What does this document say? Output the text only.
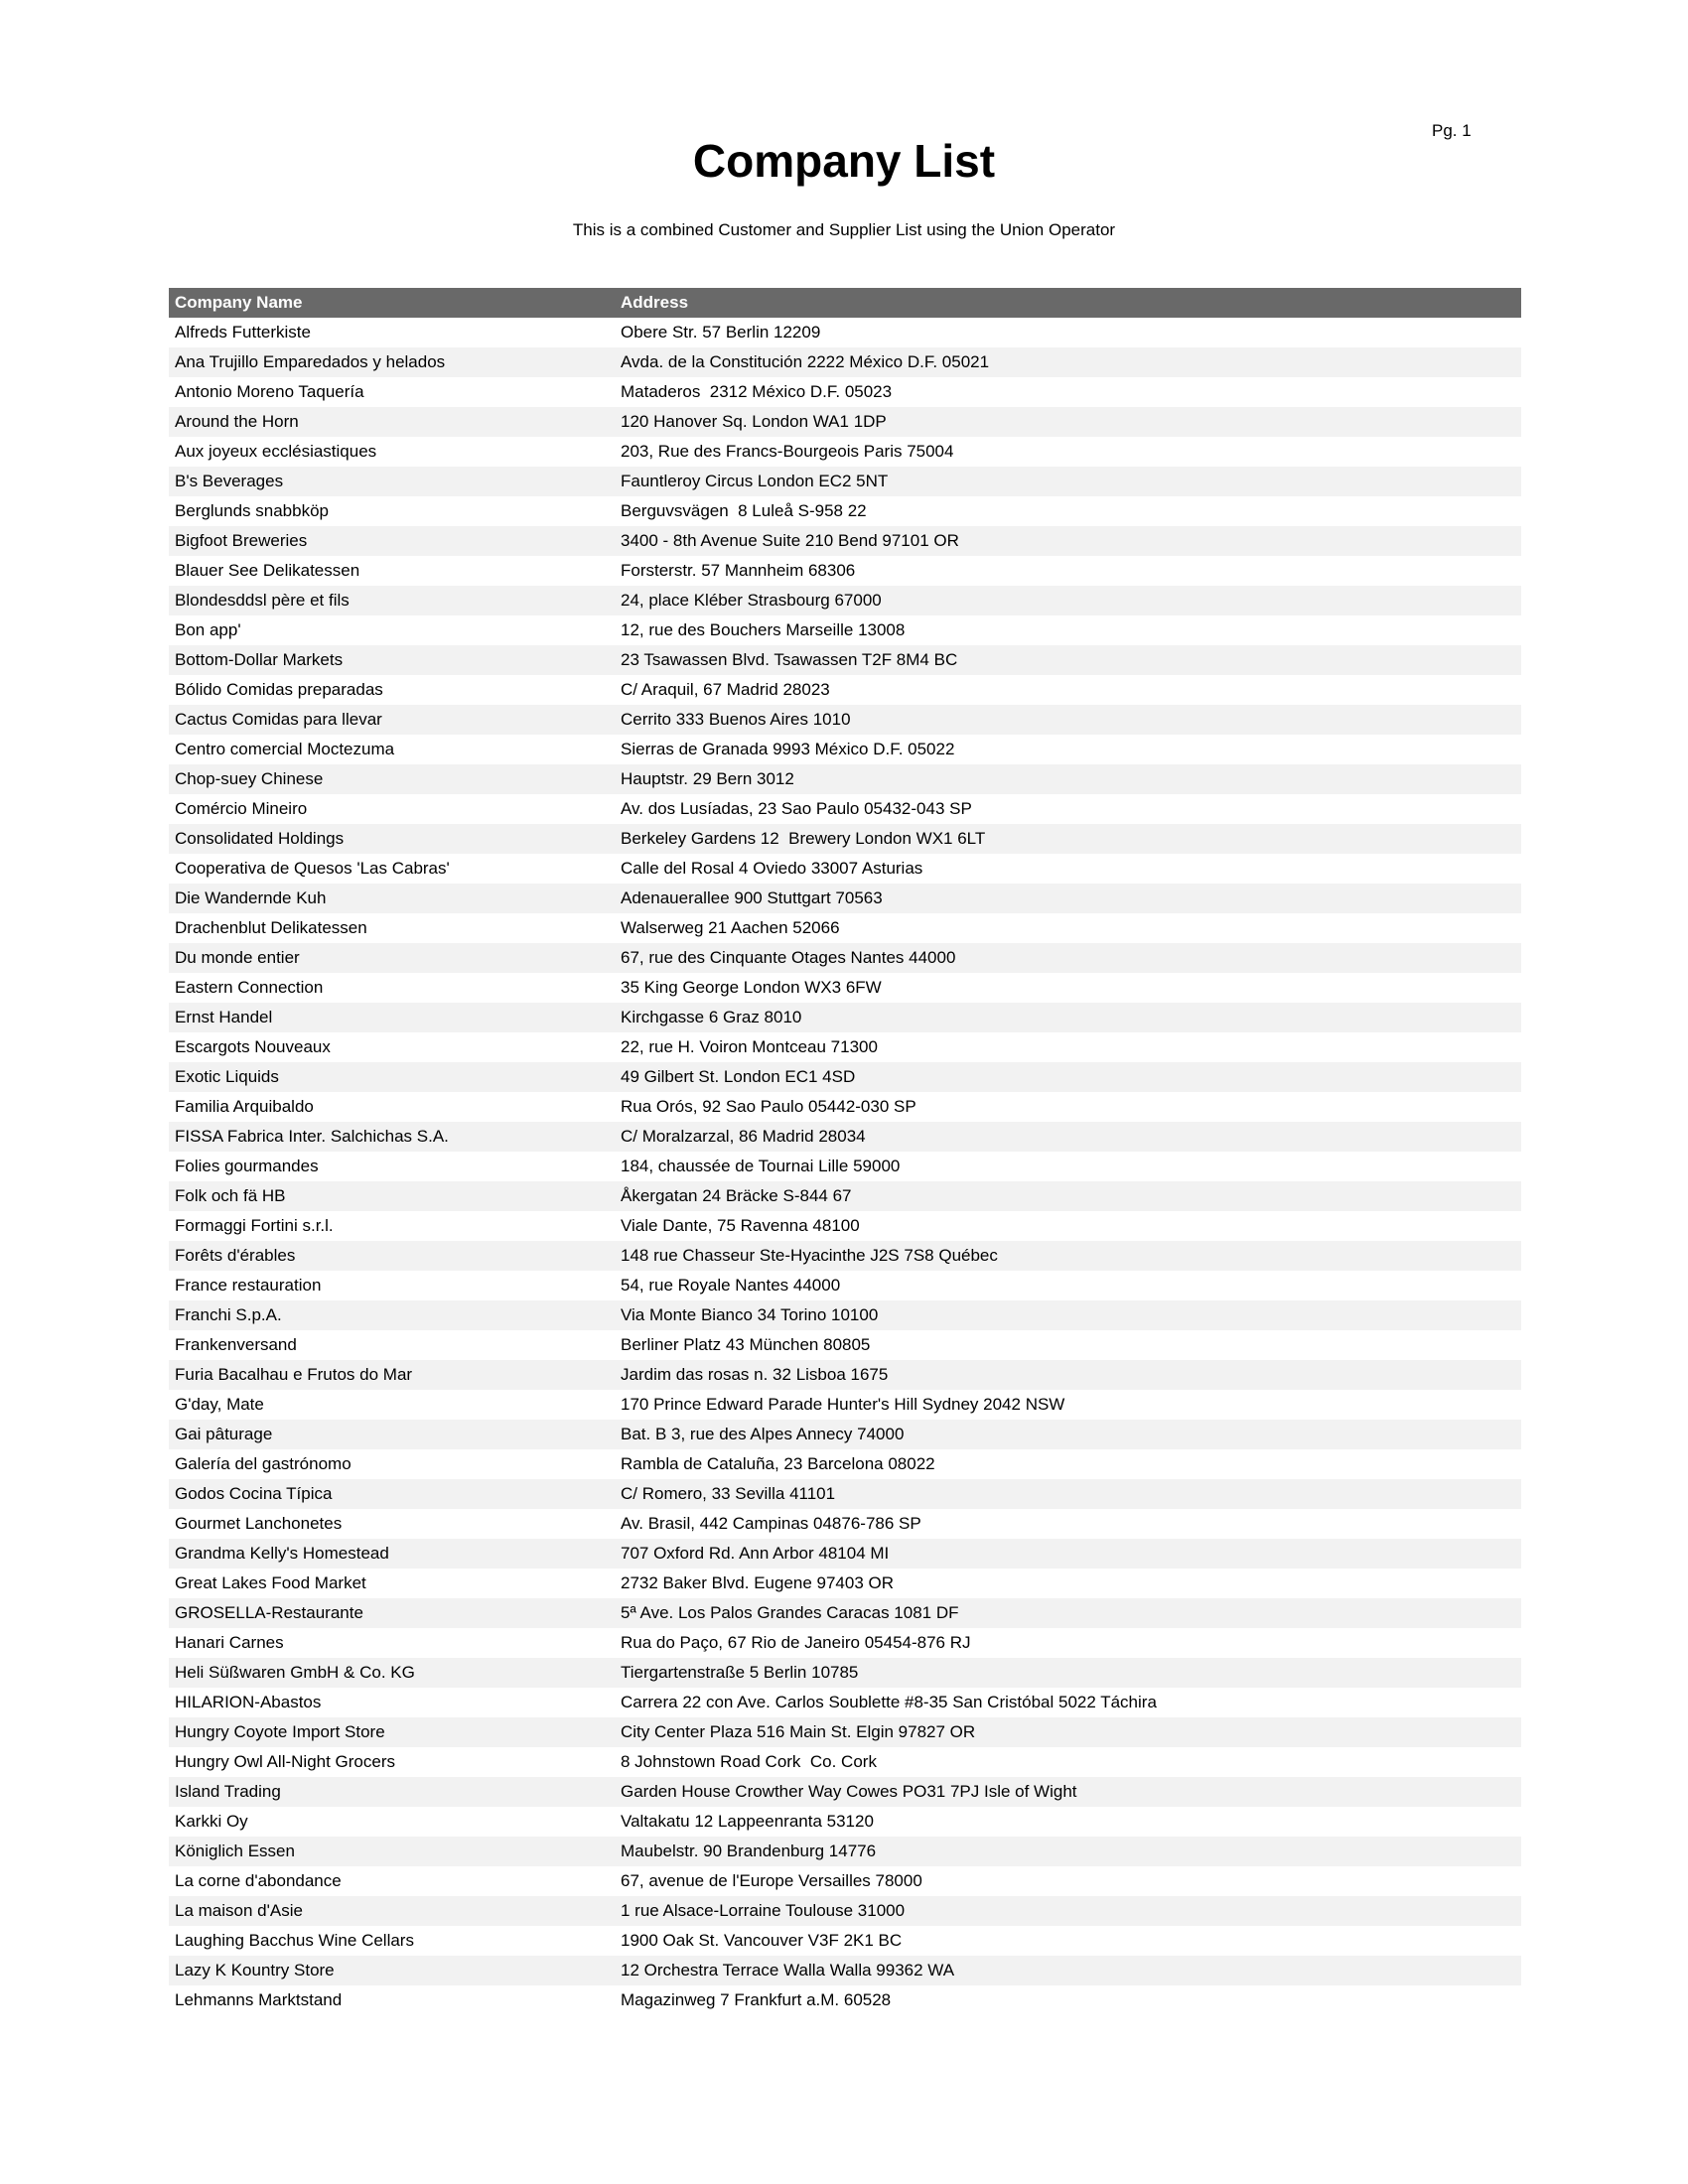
Pg. 1
Company List
This is a combined Customer and Supplier List using the Union Operator
Company Name	Address
Alfreds Futterkiste	Obere Str. 57 Berlin 12209
Ana Trujillo Emparedados y helados	Avda. de la Constitución 2222 México D.F. 05021
Antonio Moreno Taquería	Mataderos  2312 México D.F. 05023
Around the Horn	120 Hanover Sq. London WA1 1DP
Aux joyeux ecclésiastiques	203, Rue des Francs-Bourgeois Paris 75004
B's Beverages	Fauntleroy Circus London EC2 5NT
Berglunds snabbköp	Berguvsvägen  8 Luleå S-958 22
Bigfoot Breweries	3400 - 8th Avenue Suite 210 Bend 97101 OR
Blauer See Delikatessen	Forsterstr. 57 Mannheim 68306
Blondesddsl père et fils	24, place Kléber Strasbourg 67000
Bon app'	12, rue des Bouchers Marseille 13008
Bottom-Dollar Markets	23 Tsawassen Blvd. Tsawassen T2F 8M4 BC
Bólido Comidas preparadas	C/ Araquil, 67 Madrid 28023
Cactus Comidas para llevar	Cerrito 333 Buenos Aires 1010
Centro comercial Moctezuma	Sierras de Granada 9993 México D.F. 05022
Chop-suey Chinese	Hauptstr. 29 Bern 3012
Comércio Mineiro	Av. dos Lusíadas, 23 Sao Paulo 05432-043 SP
Consolidated Holdings	Berkeley Gardens 12  Brewery London WX1 6LT
Cooperativa de Quesos 'Las Cabras'	Calle del Rosal 4 Oviedo 33007 Asturias
Die Wandernde Kuh	Adenauerallee 900 Stuttgart 70563
Drachenblut Delikatessen	Walserweg 21 Aachen 52066
Du monde entier	67, rue des Cinquante Otages Nantes 44000
Eastern Connection	35 King George London WX3 6FW
Ernst Handel	Kirchgasse 6 Graz 8010
Escargots Nouveaux	22, rue H. Voiron Montceau 71300
Exotic Liquids	49 Gilbert St. London EC1 4SD
Familia Arquibaldo	Rua Orós, 92 Sao Paulo 05442-030 SP
FISSA Fabrica Inter. Salchichas S.A.	C/ Moralzarzal, 86 Madrid 28034
Folies gourmandes	184, chaussée de Tournai Lille 59000
Folk och fä HB	Åkergatan 24 Bräcke S-844 67
Formaggi Fortini s.r.l.	Viale Dante, 75 Ravenna 48100
Forêts d'érables	148 rue Chasseur Ste-Hyacinthe J2S 7S8 Québec
France restauration	54, rue Royale Nantes 44000
Franchi S.p.A.	Via Monte Bianco 34 Torino 10100
Frankenversand	Berliner Platz 43 München 80805
Furia Bacalhau e Frutos do Mar	Jardim das rosas n. 32 Lisboa 1675
G'day, Mate	170 Prince Edward Parade Hunter's Hill Sydney 2042 NSW
Gai pâturage	Bat. B 3, rue des Alpes Annecy 74000
Galería del gastrónomo	Rambla de Cataluña, 23 Barcelona 08022
Godos Cocina Típica	C/ Romero, 33 Sevilla 41101
Gourmet Lanchonetes	Av. Brasil, 442 Campinas 04876-786 SP
Grandma Kelly's Homestead	707 Oxford Rd. Ann Arbor 48104 MI
Great Lakes Food Market	2732 Baker Blvd. Eugene 97403 OR
GROSELLA-Restaurante	5ª Ave. Los Palos Grandes Caracas 1081 DF
Hanari Carnes	Rua do Paço, 67 Rio de Janeiro 05454-876 RJ
Heli Süßwaren GmbH & Co. KG	Tiergartenstraße 5 Berlin 10785
HILARION-Abastos	Carrera 22 con Ave. Carlos Soublette #8-35 San Cristóbal 5022 Táchira
Hungry Coyote Import Store	City Center Plaza 516 Main St. Elgin 97827 OR
Hungry Owl All-Night Grocers	8 Johnstown Road Cork  Co. Cork
Island Trading	Garden House Crowther Way Cowes PO31 7PJ Isle of Wight
Karkki Oy	Valtakatu 12 Lappeenranta 53120
Königlich Essen	Maubelstr. 90 Brandenburg 14776
La corne d'abondance	67, avenue de l'Europe Versailles 78000
La maison d'Asie	1 rue Alsace-Lorraine Toulouse 31000
Laughing Bacchus Wine Cellars	1900 Oak St. Vancouver V3F 2K1 BC
Lazy K Kountry Store	12 Orchestra Terrace Walla Walla 99362 WA
Lehmanns Marktstand	Magazinweg 7 Frankfurt a.M. 60528
